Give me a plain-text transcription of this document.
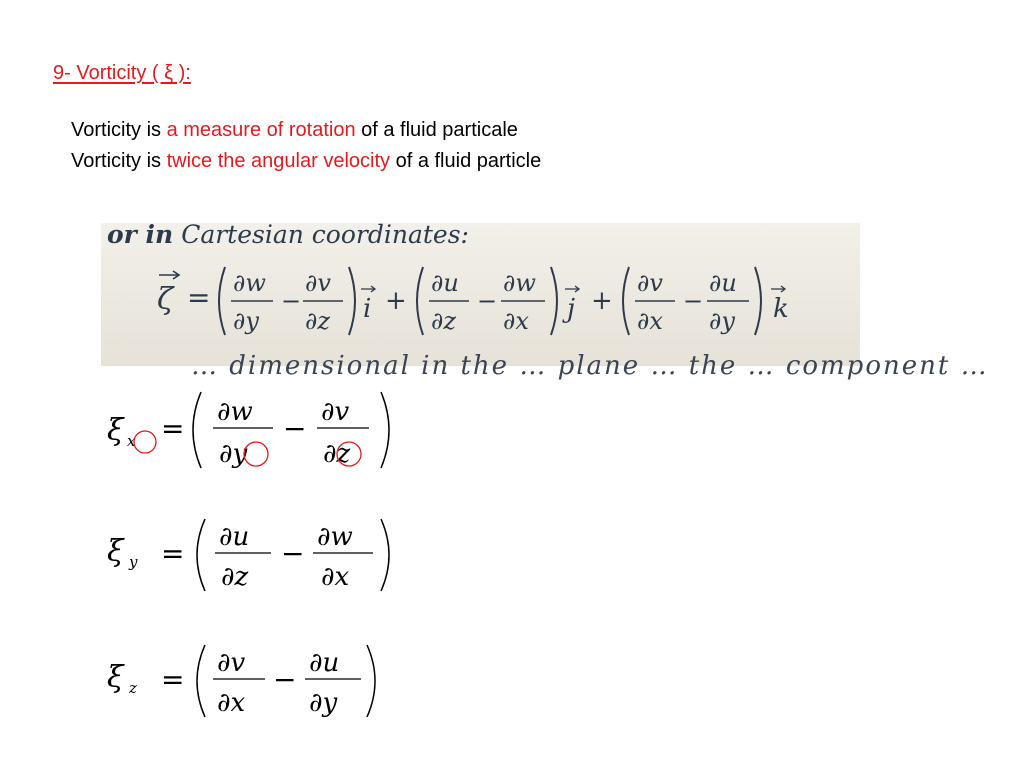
9- Vorticity ( ξ ):
Vorticity is a measure of rotation of a fluid particale
Vorticity is twice the angular velocity of a fluid particle
or in Cartesian coordinates:
ζ = ∂w
∂y
−
∂v
∂z i +
∂u
∂z
−
∂w
∂x j +
∂v
∂x
−
∂u
∂y k
… dimensional in the … plane … the … component …
ξ x = ∂w
∂y
− ∂v
∂z
ξ y = ∂u
∂z
− ∂w
∂x
ξ z = ∂v
∂x
− ∂u
∂y
